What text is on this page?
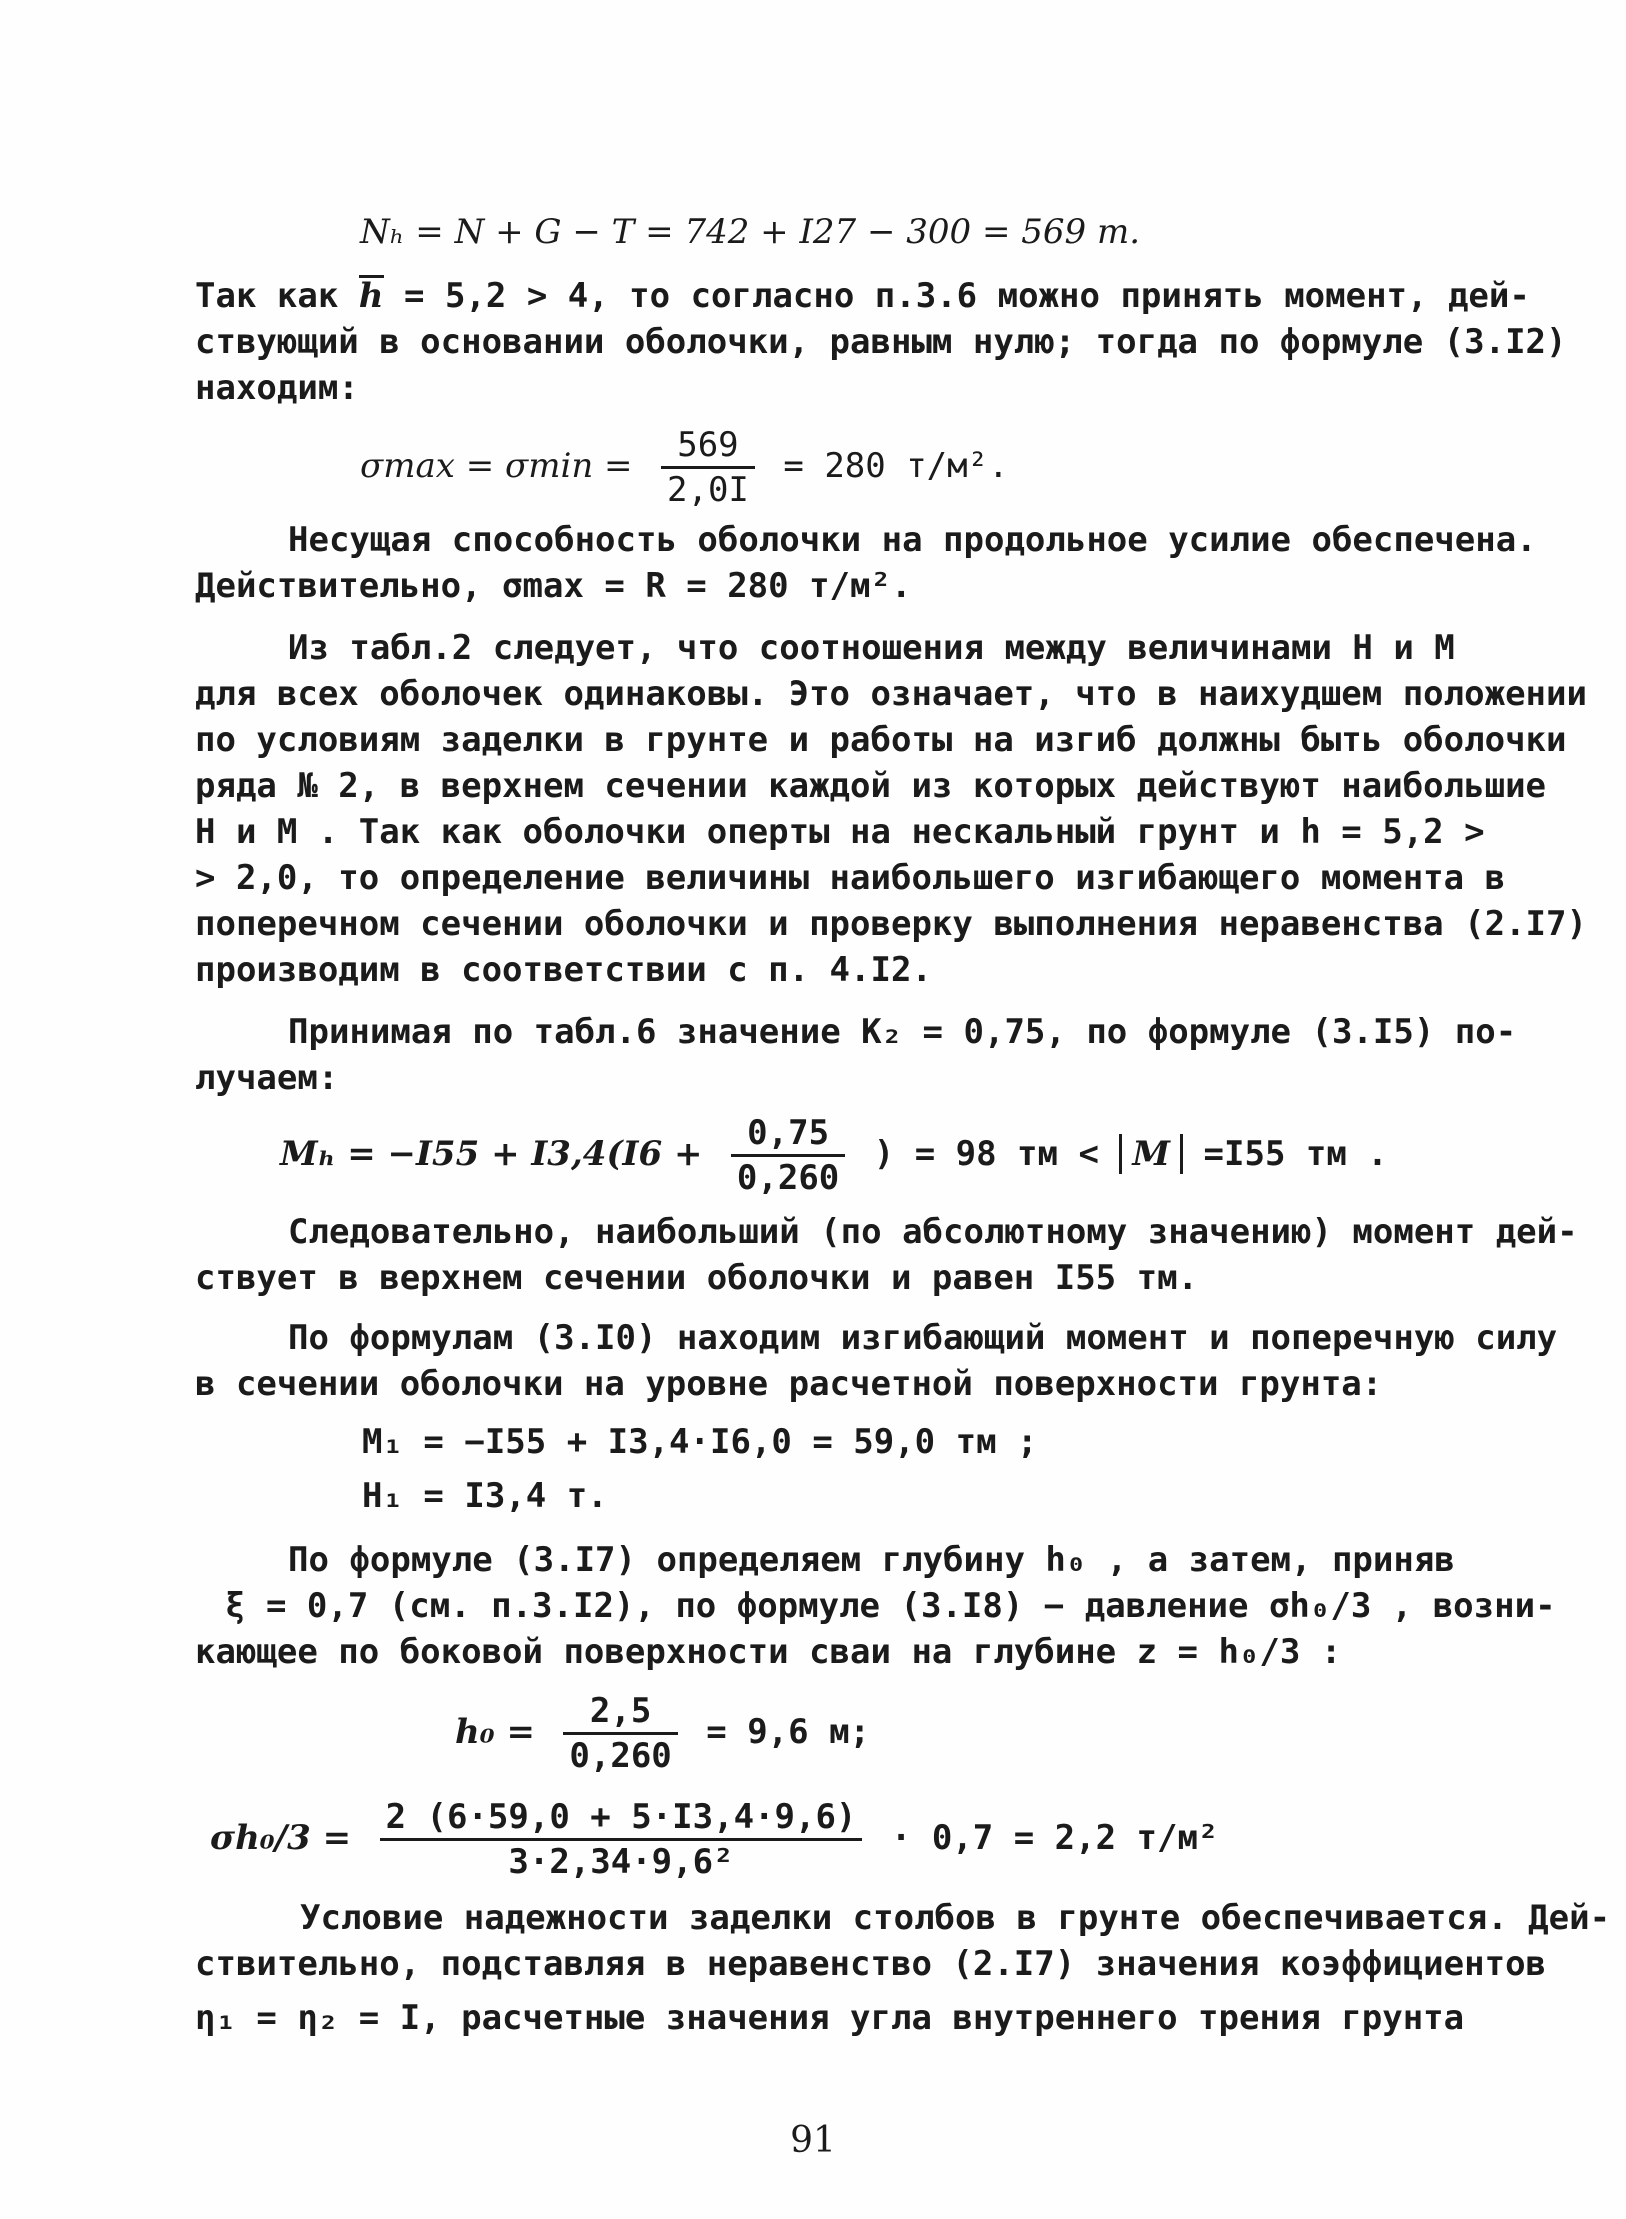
Nₕ = N + G − T = 742 + I27 − 300 = 569 т.
Так как h = 5,2 > 4, то согласно п.3.6 можно принять момент, дей-
ствующий в основании оболочки, равным нулю; тогда по формуле (3.I2)
находим:
$\sigma\max = \sigma\min = \frac{569}{2,0I} = 280$ т/м².
Несущая способность оболочки на продольное усилие обеспечена.
Действительно, σmax = R = 280 т/м².
Из табл.2 следует, что соотношения между величинами H и M
для всех оболочек одинаковы. Это означает, что в наихудшем положении
по условиям заделки в грунте и работы на изгиб должны быть оболочки
ряда № 2, в верхнем сечении каждой из которых действуют наибольшие
H и M . Так как оболочки оперты на нескальный грунт и h = 5,2 >
> 2,0, то определение величины наибольшего изгибающего момента в
поперечном сечении оболочки и проверку выполнения неравенства (2.I7)
производим в соответствии с п. 4.I2.
Принимая по табл.6 значение K₂ = 0,75, по формуле (3.I5) по-
лучаем:
$M_h = -I55 + I3,4(I6 + \frac{0,75}{0,260}$ ) = 98 тм < M =I55 тм .
Следовательно, наибольший (по абсолютному значению) момент дей-
ствует в верхнем сечении оболочки и равен I55 тм.
По формулам (3.I0) находим изгибающий момент и поперечную силу
в сечении оболочки на уровне расчетной поверхности грунта:
M₁ = −I55 + I3,4·I6,0 = 59,0 тм ;
H₁ = I3,4 т.
По формуле (3.I7) определяем глубину h₀ , а затем, приняв
ξ = 0,7 (см. п.3.I2), по формуле (3.I8) − давление σh₀/3 , возни-
кающее по боковой поверхности сваи на глубине z = h₀/3 :
$h_0 = \frac{2,5}{0,260} = 9,6$ м;
$\sigma h_0/3 = \frac{2 (6\cdot 59,0 + 5\cdot I3,4\cdot 9,6)}{\text{3·2,34·9,6²}} \cdot 0,7 = 2,2$ т/м²
Условие надежности заделки столбов в грунте обеспечивается. Дей-
ствительно, подставляя в неравенство (2.I7) значения коэффициентов
η₁ = η₂ = I, расчетные значения угла внутреннего трения грунта
91
